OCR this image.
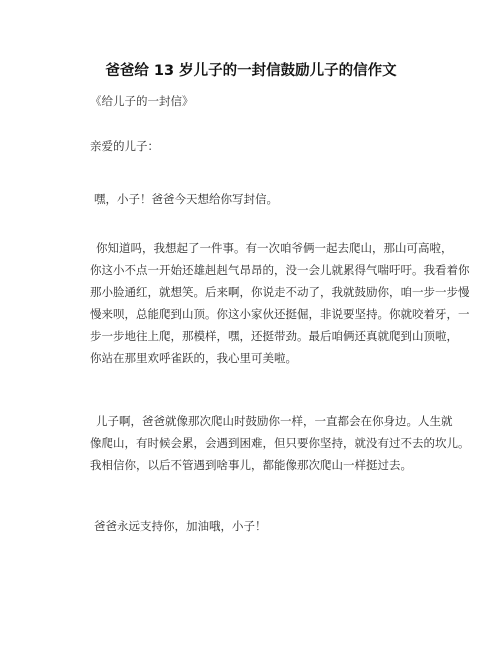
爸爸给 13 岁儿子的一封信鼓励儿子的信作文
《给儿子的一封信》

亲爱的儿子：

嘿，小子！爸爸今天想给你写封信。

你知道吗，我想起了一件事。有一次咱爷俩一起去爬山，那山可高啦，
你这小不点一开始还雄赳赳气昂昂的，没一会儿就累得气喘吁吁。我看着你
那小脸通红，就想笑。后来啊，你说走不动了，我就鼓励你，咱一步一步慢
慢来呗，总能爬到山顶。你这小家伙还挺倔，非说要坚持。你就咬着牙，一
步一步地往上爬，那模样，嘿，还挺带劲。最后咱俩还真就爬到山顶啦，
你站在那里欢呼雀跃的，我心里可美啦。

儿子啊，爸爸就像那次爬山时鼓励你一样，一直都会在你身边。人生就
像爬山，有时候会累，会遇到困难，但只要你坚持，就没有过不去的坎儿。
我相信你，以后不管遇到啥事儿，都能像那次爬山一样挺过去。

爸爸永远支持你，加油哦，小子！
